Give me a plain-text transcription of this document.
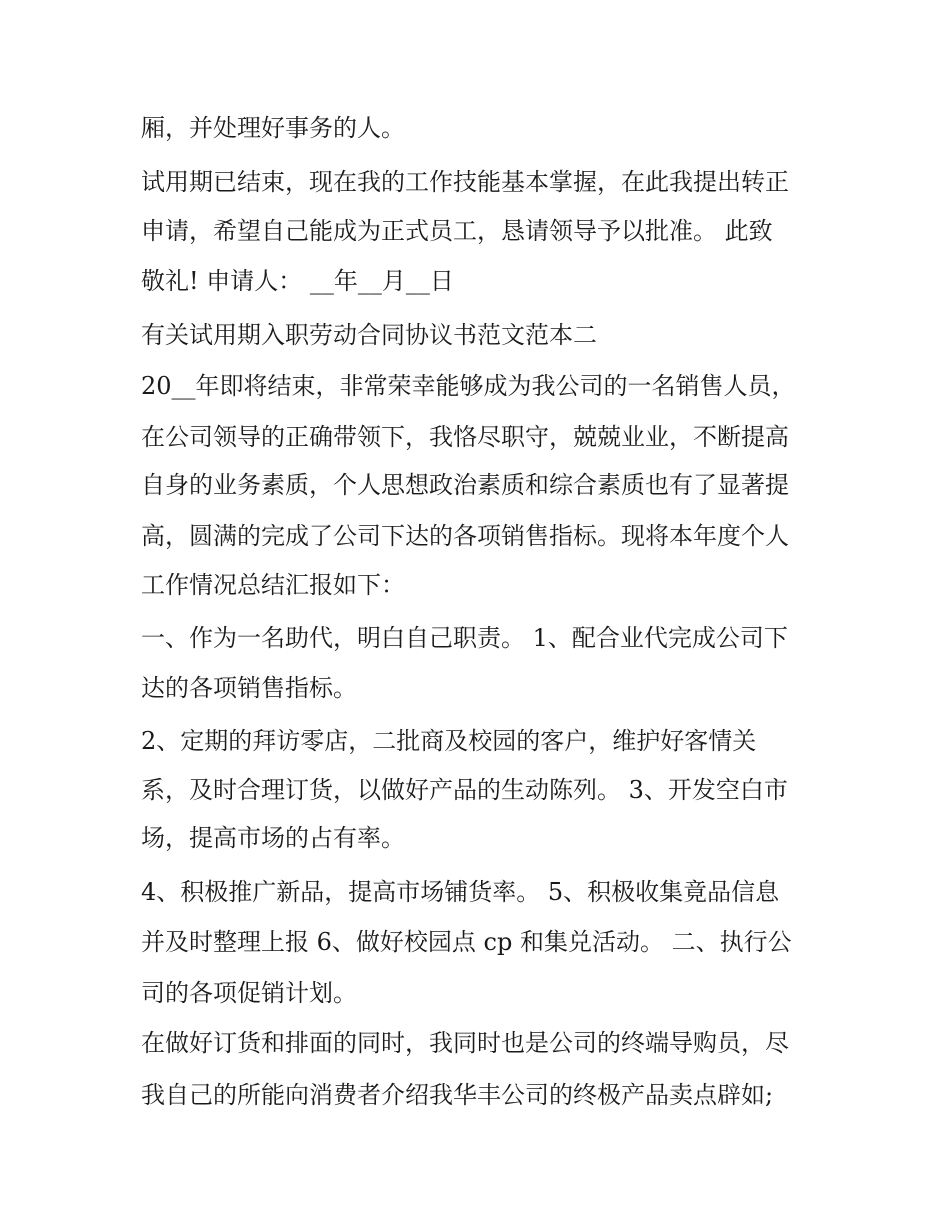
厢，并处理好事务的人。
试用期已结束，现在我的工作技能基本掌握，在此我提出转正
申请，希望自己能成为正式员工，恳请领导予以批准。 此致
敬礼! 申请人： __年__月__日
有关试用期入职劳动合同协议书范文范本二
20__年即将结束，非常荣幸能够成为我公司的一名销售人员，
在公司领导的正确带领下，我恪尽职守，兢兢业业，不断提高
自身的业务素质，个人思想政治素质和综合素质也有了显著提
高，圆满的完成了公司下达的各项销售指标。现将本年度个人
工作情况总结汇报如下：
一、作为一名助代，明白自己职责。 1、配合业代完成公司下
达的各项销售指标。
2、定期的拜访零店，二批商及校园的客户，维护好客情关
系，及时合理订货，以做好产品的生动陈列。 3、开发空白市
场，提高市场的占有率。
4、积极推广新品，提高市场铺货率。 5、积极收集竟品信息
并及时整理上报 6、做好校园点 cp 和集兑活动。 二、执行公
司的各项促销计划。
在做好订货和排面的同时，我同时也是公司的终端导购员，尽
我自己的所能向消费者介绍我华丰公司的终极产品卖点辟如;
